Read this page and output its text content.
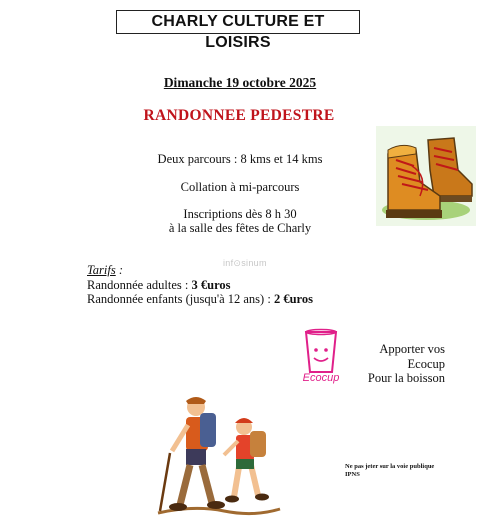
CHARLY CULTURE ET LOISIRS
Dimanche 19 octobre 2025
RANDONNEE PEDESTRE
Deux parcours : 8 kms et 14 kms
Collation à mi-parcours
Inscriptions dès 8 h 30
à la salle des fêtes de Charly
inf⊙sinum
Tarifs :
Randonnée adultes : 3 €uros
Randonnée enfants (jusqu'à 12 ans) : 2 €uros
Ecocup
Apporter vos Ecocup
Pour la boisson
Ne pas jeter sur la voie publique
IPNS
